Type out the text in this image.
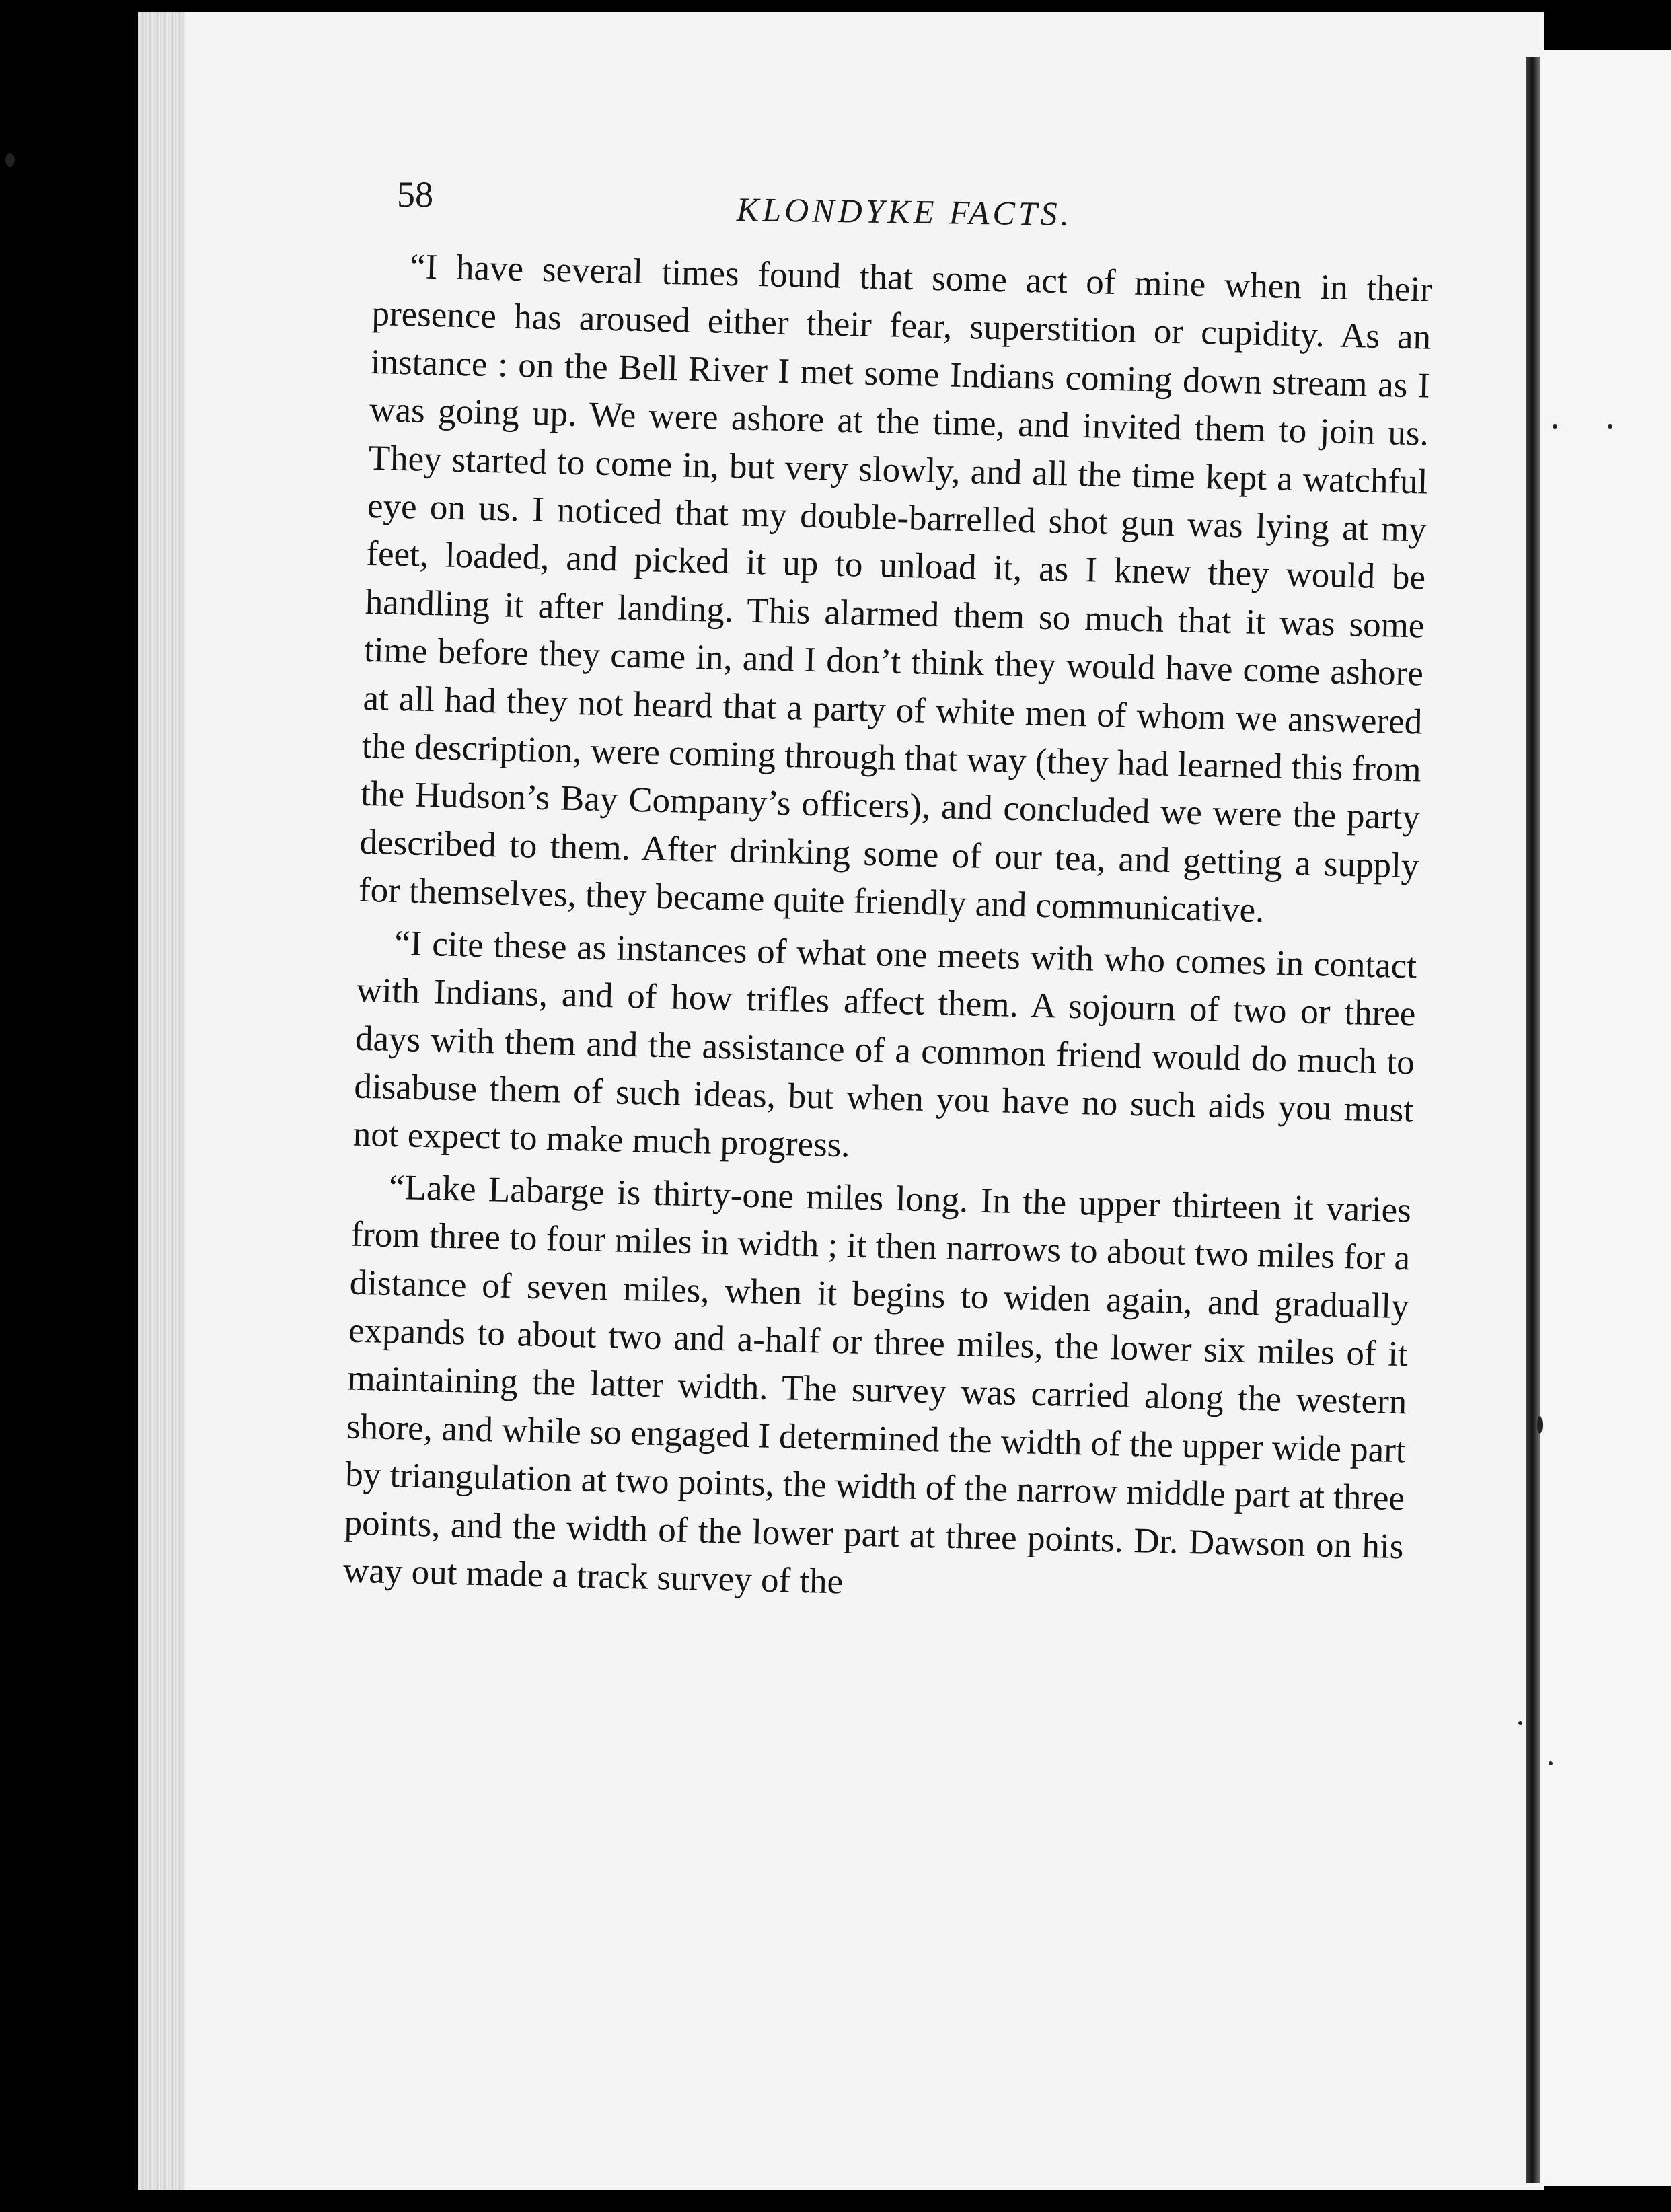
58	KLONDYKE FACTS.

“I have several times found that some act of mine when in their presence has aroused either their fear, superstition or cupidity. As an instance : on the Bell River I met some Indians coming down stream as I was going up. We were ashore at the time, and invited them to join us. They started to come in, but very slowly, and all the time kept a watchful eye on us. I noticed that my double-barrelled shot gun was lying at my feet, loaded, and picked it up to unload it, as I knew they would be handling it after landing. This alarmed them so much that it was some time before they came in, and I don’t think they would have come ashore at all had they not heard that a party of white men of whom we answered the description, were coming through that way (they had learned this from the Hudson’s Bay Company’s officers), and concluded we were the party described to them. After drinking some of our tea, and getting a supply for themselves, they became quite friendly and communicative.

“I cite these as instances of what one meets with who comes in contact with Indians, and of how trifles affect them. A sojourn of two or three days with them and the assistance of a common friend would do much to disabuse them of such ideas, but when you have no such aids you must not expect to make much progress.

“Lake Labarge is thirty-one miles long. In the upper thirteen it varies from three to four miles in width ; it then narrows to about two miles for a distance of seven miles, when it begins to widen again, and gradually expands to about two and a-half or three miles, the lower six miles of it maintaining the latter width. The survey was carried along the western shore, and while so engaged I determined the width of the upper wide part by triangulation at two points, the width of the narrow middle part at three points, and the width of the lower part at three points. Dr. Dawson on his way out made a track survey of the
